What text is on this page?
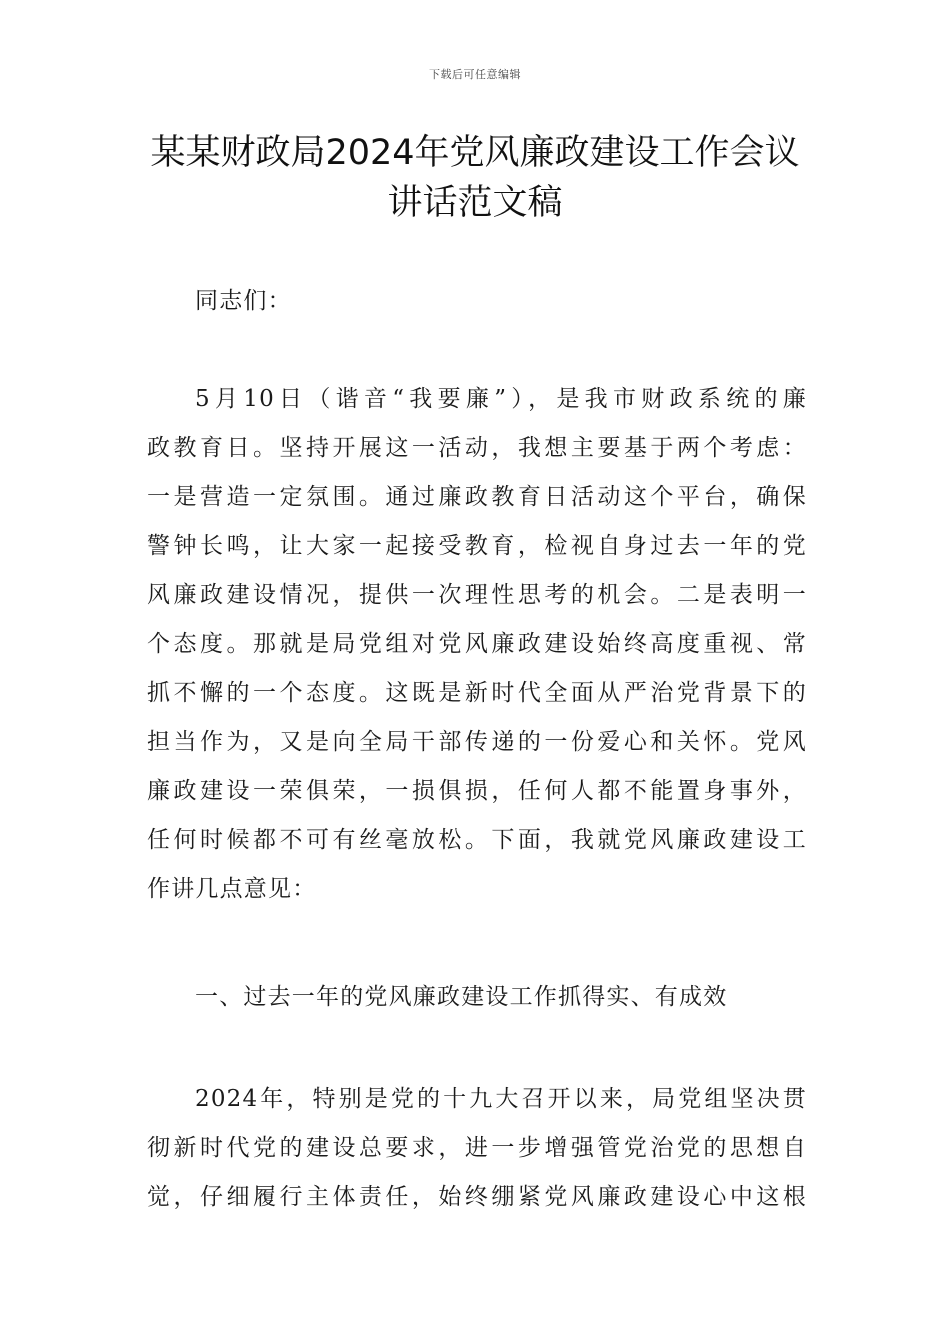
下载后可任意编辑
某某财政局2024年党风廉政建设工作会议
讲话范文稿
同志们：
5月10日（谐音“我要廉”），是我市财政系统的廉
政教育日。坚持开展这一活动，我想主要基于两个考虑：
一是营造一定氛围。通过廉政教育日活动这个平台，确保
警钟长鸣，让大家一起接受教育，检视自身过去一年的党
风廉政建设情况，提供一次理性思考的机会。二是表明一
个态度。那就是局党组对党风廉政建设始终高度重视、常
抓不懈的一个态度。这既是新时代全面从严治党背景下的
担当作为，又是向全局干部传递的一份爱心和关怀。党风
廉政建设一荣俱荣，一损俱损，任何人都不能置身事外，
任何时候都不可有丝毫放松。下面，我就党风廉政建设工
作讲几点意见：
一、过去一年的党风廉政建设工作抓得实、有成效
2024年，特别是党的十九大召开以来，局党组坚决贯
彻新时代党的建设总要求，进一步增强管党治党的思想自
觉，仔细履行主体责任，始终绷紧党风廉政建设心中这根
